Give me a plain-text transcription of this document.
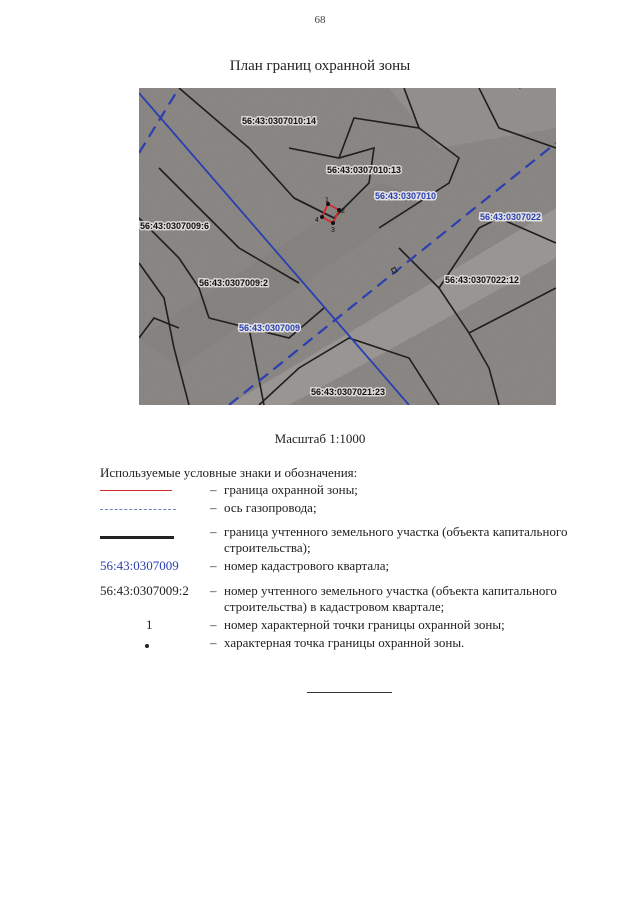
68
План границ охранной зоны
56:43:0307010:14
56:43:0307010:13
56:43:0307010
56:43:0307022
56:43:0307009:6
56:43:0307009:2	56:43:0307022:12
56:43:0307009
56:43:0307021:23
1
2
3
4
Масштаб 1:1000
Используемые условные знаки и обозначения:
– граница охранной зоны;
– ось газопровода;
– граница учтенного земельного участка (объекта капитального строительства);
56:43:0307009	– номер кадастрового квартала;
56:43:0307009:2 – номер учтенного земельного участка (объекта капитального строительства) в кадастровом квартале;
1	– номер характерной точки границы охранной зоны;
– характерная точка границы охранной зоны.
